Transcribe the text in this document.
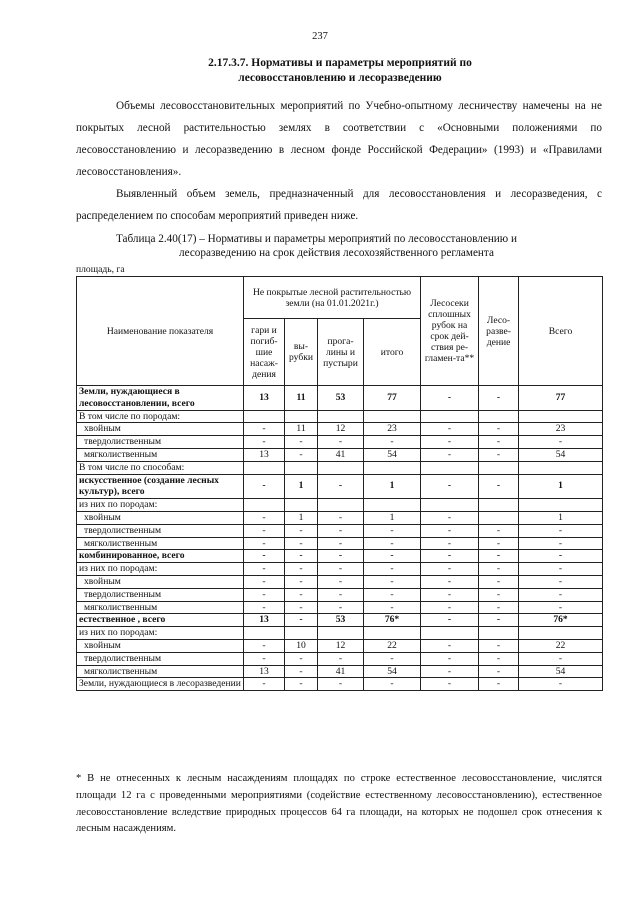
237
2.17.3.7. Нормативы и параметры мероприятий по
лесовосстановлению и лесоразведению
Объемы лесовосстановительных мероприятий по Учебно-опытному лесничеству намечены на не покрытых лесной растительностью землях в соответствии с «Основными положениями по лесовосстановлению и лесоразведению в лесном фонде Российской Федерации» (1993) и «Правилами лесовосстановления».
Выявленный объем земель, предназначенный для лесовосстановления и лесоразведения, с распределением по способам мероприятий приведен ниже.
Таблица 2.40(17) – Нормативы и параметры мероприятий по лесовосстановлению и
лесоразведению на срок действия лесохозяйственного регламента
площадь, га
Наименование показателя	Не покрытые лесной растительностью земли (на 01.01.2021г.)				Лесосеки сплошных рубок на срок дей-ствия ре-гламен-та**	Лесо-разве-дение	Всего
	гари и погиб-шие насаж-дения	вы-рубки	прога-лины и пустыри	итого			
Земли, нуждающиеся в лесовосстановлении, всего	13	11	53	77	-	-	77
В том числе по породам:							
хвойным	-	11	12	23	-	-	23
твердолиственным	-	-	-	-	-	-	-
мягколиственным	13	-	41	54	-	-	54
В том числе по способам:							
искусственное (создание лесных культур), всего	-	1	-	1	-	-	1
из них по породам:							
хвойным	-	1	-	1	-		1
твердолиственным	-	-	-	-	-	-	-
мягколиственным	-	-	-	-	-	-	-
комбинированное, всего	-	-	-	-	-	-	-
из них по породам:	-	-	-	-	-	-	-
хвойным	-	-	-	-	-	-	-
твердолиственным	-	-	-	-	-	-	-
мягколиственным	-	-	-	-	-	-	-
естественное , всего	13	-	53	76*	-	-	76*
из них по породам:							
хвойным	-	10	12	22	-	-	22
твердолиственным	-	-	-	-	-	-	-
мягколиственным	13	-	41	54	-	-	54
Земли, нуждающиеся в лесоразведении	-	-	-	-	-	-	-
* В не отнесенных к лесным насаждениям площадях по строке естественное лесовосстановление, числятся площади 12 га с проведенными мероприятиями (содействие естественному лесовосстановлению), естественное лесовосстановление вследствие природных процессов 64 га площади, на которых не подошел срок отнесения к лесным насаждениям.
